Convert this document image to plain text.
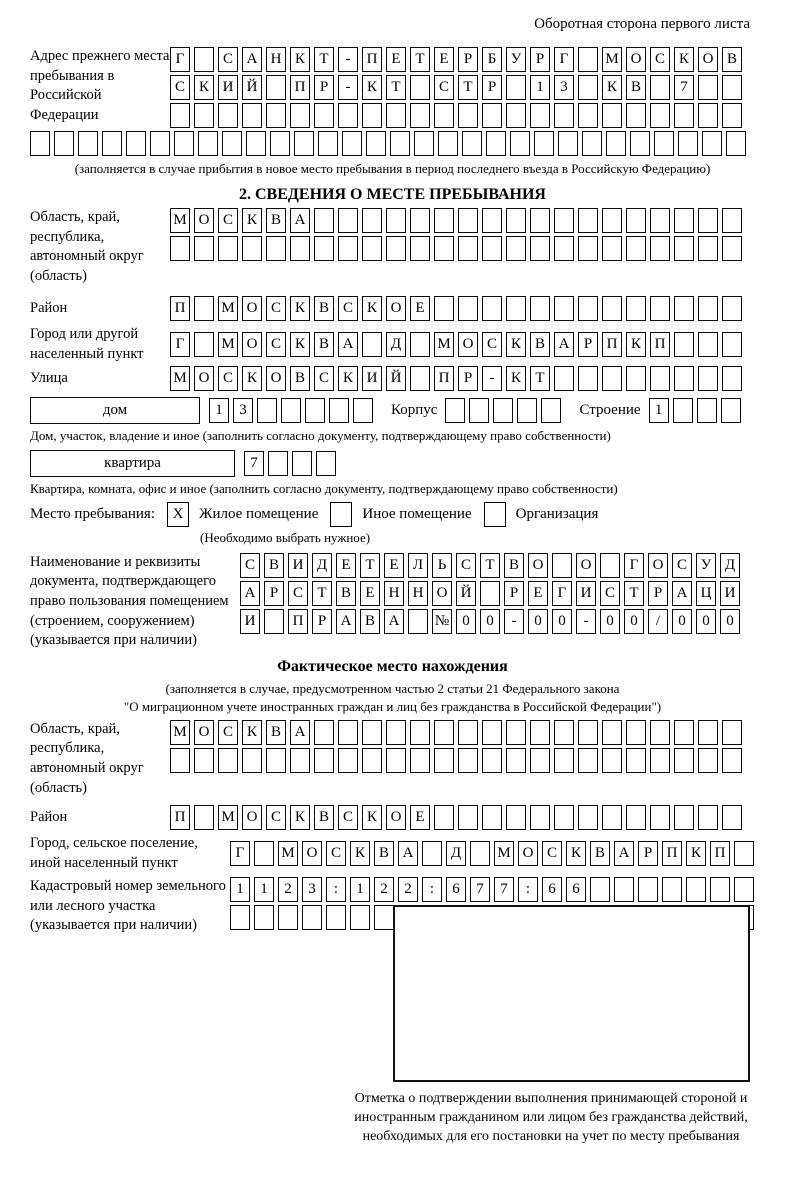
Оборотная сторона первого листа
Адрес прежнего места пребывания в Российской Федерации
Г	С А Н К Т	-	П Е Т Е	Р	Б У Р	Г	М О С К О В
С К И Й	П Р	-	К Т	С Т	Р	1	3	К В	7
(заполняется в случае прибытия в новое место пребывания в период последнего въезда в Российскую Федерацию)
2. СВЕДЕНИЯ О МЕСТЕ ПРЕБЫВАНИЯ
Область, край, республика, автономный округ (область)
М О С К В А
Район	П	М О С К В С К О Е
Город или другой населенный пункт
Г	М О С К В А	Д	М О С К В А Р П К П
Улица	М О С К О В С К И Й	П Р	-	К Т
дом	1	3	Корпус	Строение 1
Дом, участок, владение и иное (заполнить согласно документу, подтверждающему право собственности)
квартира	7
Квартира, комната, офис и иное (заполнить согласно документу, подтверждающему право собственности)
Место пребывания:	X	Жилое помещение	Иное помещение	Организация
(Необходимо выбрать нужное)
Наименование и реквизиты документа, подтверждающего право пользования помещением (строением, сооружением) (указывается при наличии)
С В И Д Е Т Е Л Ь С Т В О	О	Г О С У Д
А Р С Т В Е Н Н О Й	Р	Е	Г И С Т	Р А Ц И
И	П Р А В А	№ 0	0	-	0	0	-	0	0	/	0	0	0
Фактическое место нахождения
(заполняется в случае, предусмотренном частью 2 статьи 21 Федерального закона
"О миграционном учете иностранных граждан и лиц без гражданства в Российской Федерации")
Область, край, республика, автономный округ (область)
М О С К В А
Район	П	М О С К В С К О Е
Город, сельское поселение, иной населенный пункт
Г	М О С К В А	Д	М О С К В А Р П К П
Кадастровый номер земельного или лесного участка (указывается при наличии)
1	1	2	3	:	1	2	2	:	6	7	7	:	6	6
Отметка о подтверждении выполнения принимающей стороной и иностранным гражданином или лицом без гражданства действий, необходимых для его постановки на учет по месту пребывания
